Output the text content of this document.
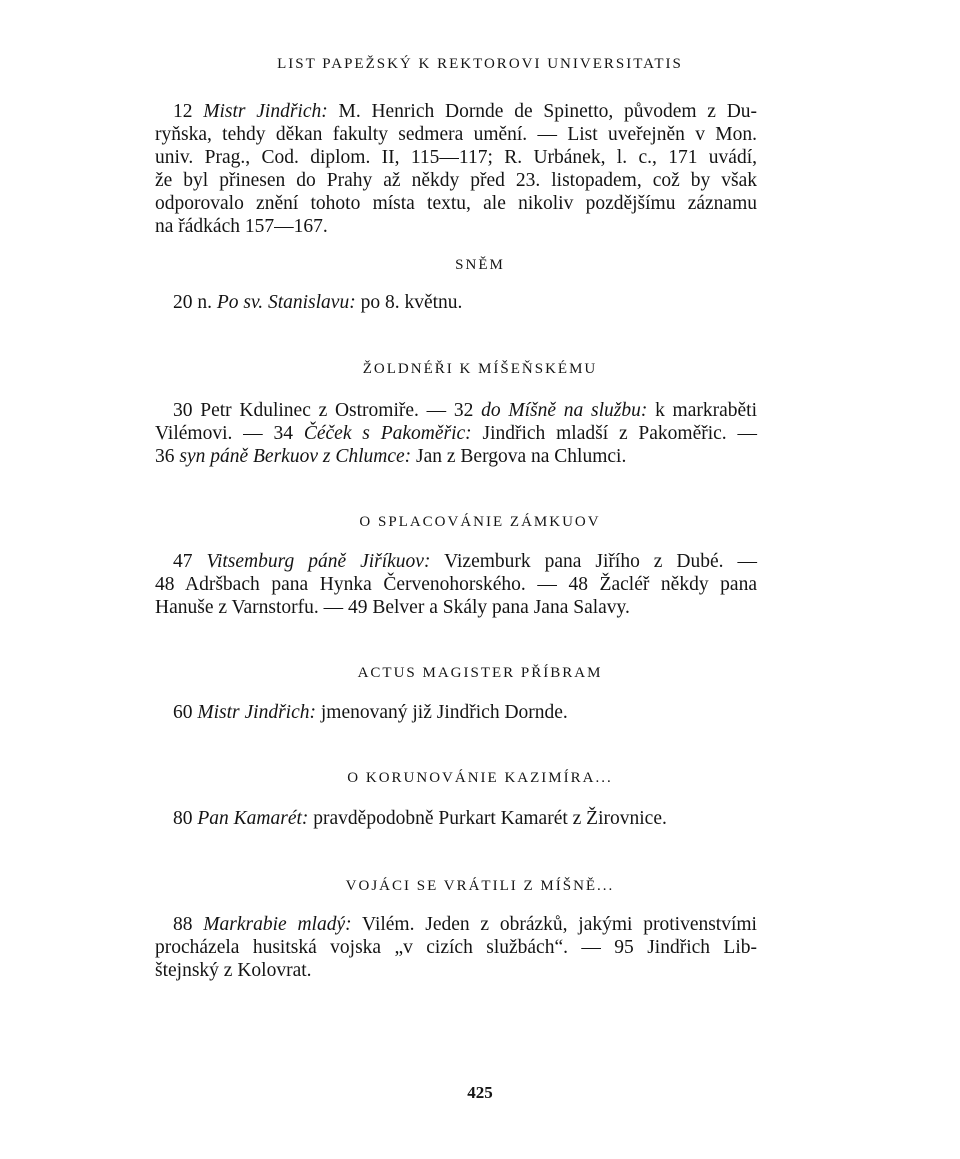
LIST PAPEŽSKÝ K REKTOROVI UNIVERSITATIS
12 Mistr Jindřich: M. Henrich Dornde de Spinetto, původem z Du-
ryňska, tehdy děkan fakulty sedmera umění. — List uveřejněn v Mon.
univ. Prag., Cod. diplom. II, 115—117; R. Urbánek, l. c., 171 uvádí,
že byl přinesen do Prahy až někdy před 23. listopadem, což by však
odporovalo znění tohoto místa textu, ale nikoliv pozdějšímu záznamu
na řádkách 157—167.
SNĚM
20 n. Po sv. Stanislavu: po 8. květnu.
ŽOLDNÉŘI K MÍŠEŇSKÉMU
30 Petr Kdulinec z Ostromiře. — 32 do Míšně na službu: k markraběti
Vilémovi. — 34 Čéček s Pakoměřic: Jindřich mladší z Pakoměřic. —
36 syn páně Berkuov z Chlumce: Jan z Bergova na Chlumci.
O SPLACOVÁNIE ZÁMKUOV
47 Vitsemburg páně Jiříkuov: Vizemburk pana Jiřího z Dubé. —
48 Adršbach pana Hynka Červenohorského. — 48 Žacléř někdy pana
Hanuše z Varnstorfu. — 49 Belver a Skály pana Jana Salavy.
ACTUS MAGISTER PŘÍBRAM
60 Mistr Jindřich: jmenovaný již Jindřich Dornde.
O KORUNOVÁNIE KAZIMÍRA...
80 Pan Kamarét: pravděpodobně Purkart Kamarét z Žirovnice.
VOJÁCI SE VRÁTILI Z MÍŠNĚ...
88 Markrabie mladý: Vilém. Jeden z obrázků, jakými protivenstvími
procházela husitská vojska „v cizích službách“. — 95 Jindřich Lib-
štejnský z Kolovrat.
425
